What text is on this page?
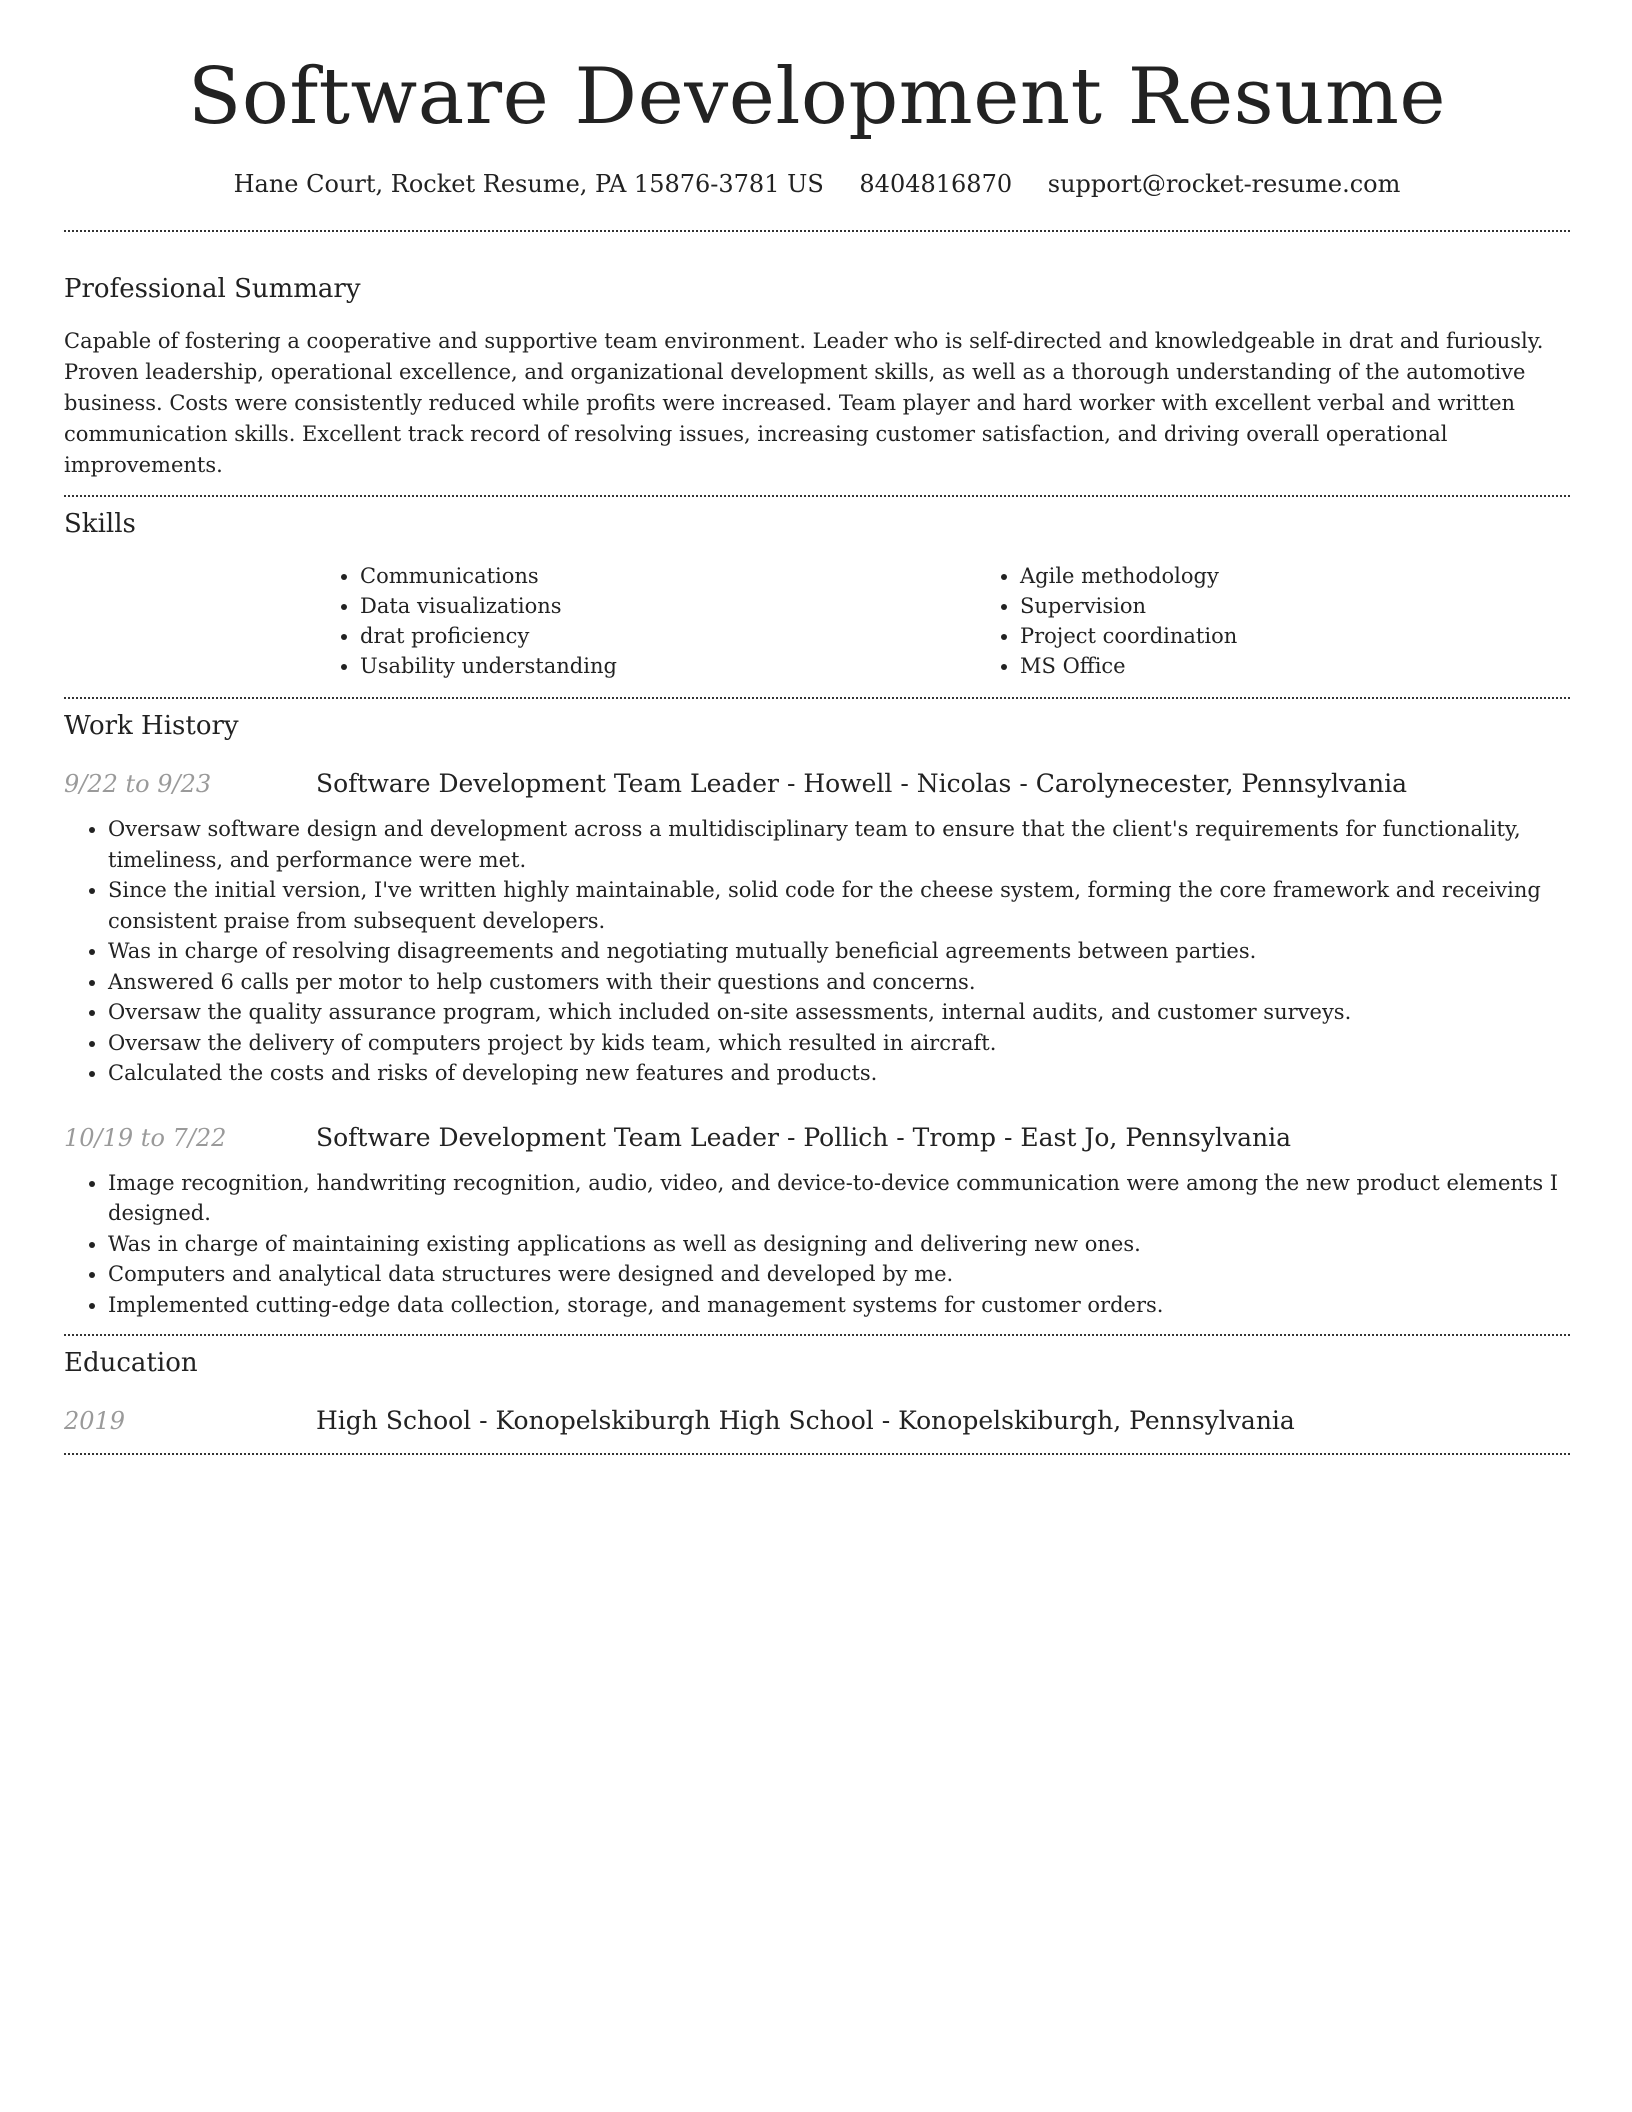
Software Development Resume
Hane Court, Rocket Resume, PA 15876-3781 US 8404816870 support@rocket-resume.com
Professional Summary

Capable of fostering a cooperative and supportive team environment. Leader who is self-directed and knowledgeable in drat and furiously. Proven leadership, operational excellence, and organizational development skills, as well as a thorough understanding of the automotive business. Costs were consistently reduced while profits were increased. Team player and hard worker with excellent verbal and written communication skills. Excellent track record of resolving issues, increasing customer satisfaction, and driving overall operational improvements.

Skills
• Communications
• Data visualizations
• drat proficiency
• Usability understanding
• Agile methodology
• Supervision
• Project coordination
• MS Office
Work History
9/22 to 9/23	Software Development Team Leader - Howell - Nicolas - Carolynecester, Pennsylvania
• Oversaw software design and development across a multidisciplinary team to ensure that the client's requirements for functionality, timeliness, and performance were met.
• Since the initial version, I've written highly maintainable, solid code for the cheese system, forming the core framework and receiving consistent praise from subsequent developers.
• Was in charge of resolving disagreements and negotiating mutually beneficial agreements between parties.
• Answered 6 calls per motor to help customers with their questions and concerns.
• Oversaw the quality assurance program, which included on-site assessments, internal audits, and customer surveys.
• Oversaw the delivery of computers project by kids team, which resulted in aircraft.
• Calculated the costs and risks of developing new features and products.
10/19 to 7/22	Software Development Team Leader - Pollich - Tromp - East Jo, Pennsylvania
• Image recognition, handwriting recognition, audio, video, and device-to-device communication were among the new product elements I designed.
• Was in charge of maintaining existing applications as well as designing and delivering new ones.
• Computers and analytical data structures were designed and developed by me.
• Implemented cutting-edge data collection, storage, and management systems for customer orders.
Education
2019	High School - Konopelskiburgh High School - Konopelskiburgh, Pennsylvania
